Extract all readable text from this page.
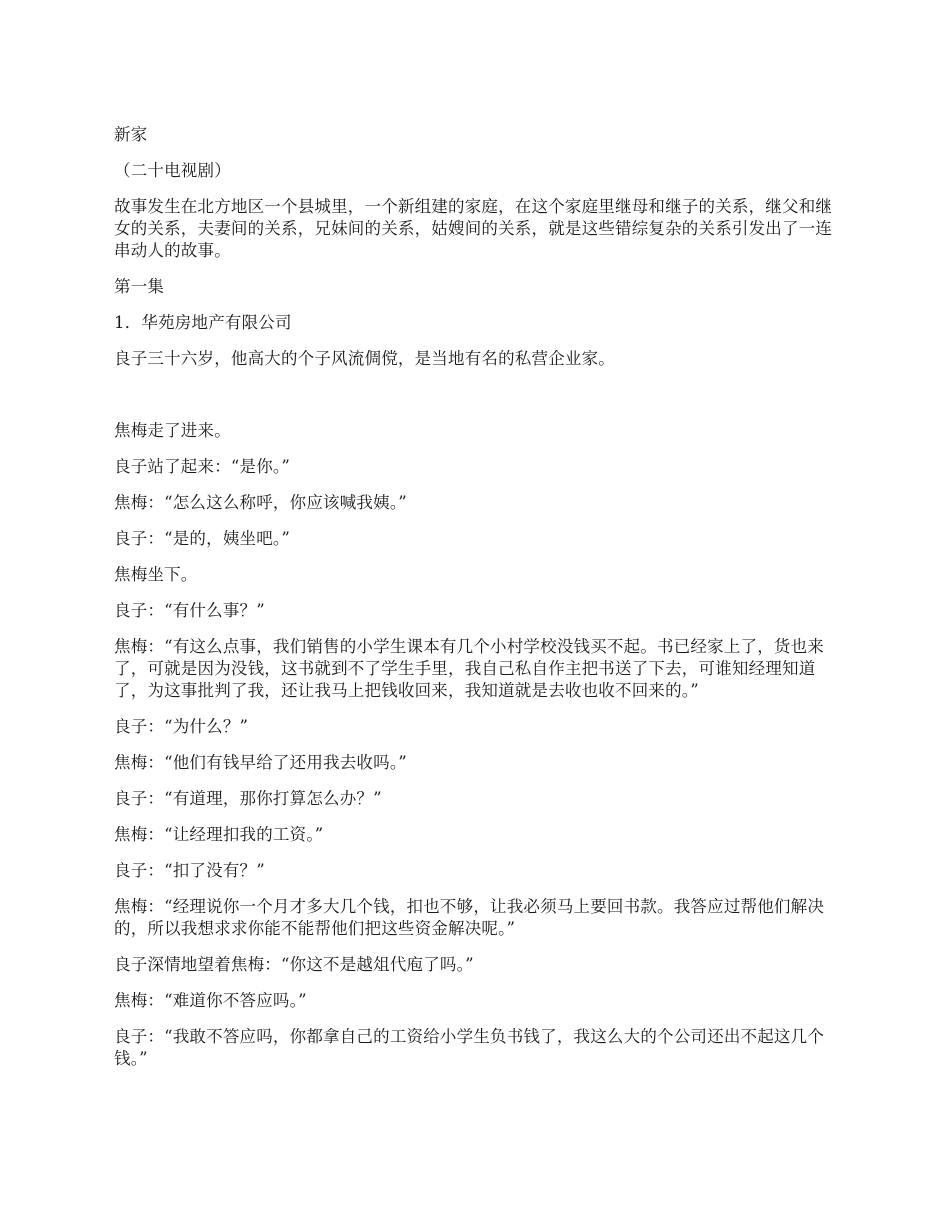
新家

（二十电视剧）

故事发生在北方地区一个县城里，一个新组建的家庭，在这个家庭里继母和继子的关系，继父和继女的关系，夫妻间的关系，兄妹间的关系，姑嫂间的关系，就是这些错综复杂的关系引发出了一连串动人的故事。

第一集

1．华苑房地产有限公司

良子三十六岁，他高大的个子风流倜傥，是当地有名的私营企业家。

焦梅走了进来。

良子站了起来：“是你。”

焦梅：“怎么这么称呼，你应该喊我姨。”

良子：“是的，姨坐吧。”

焦梅坐下。

良子：“有什么事？”

焦梅：“有这么点事，我们销售的小学生课本有几个小村学校没钱买不起。书已经家上了，货也来了，可就是因为没钱，这书就到不了学生手里，我自己私自作主把书送了下去，可谁知经理知道了，为这事批判了我，还让我马上把钱收回来，我知道就是去收也收不回来的。”

良子：“为什么？”

焦梅：“他们有钱早给了还用我去收吗。”

良子：“有道理，那你打算怎么办？”

焦梅：“让经理扣我的工资。”

良子：“扣了没有？”

焦梅：“经理说你一个月才多大几个钱，扣也不够，让我必须马上要回书款。我答应过帮他们解决的，所以我想求求你能不能帮他们把这些资金解决呢。”

良子深情地望着焦梅：“你这不是越俎代庖了吗。”

焦梅：“难道你不答应吗。”

良子：“我敢不答应吗，你都拿自己的工资给小学生负书钱了，我这么大的个公司还出不起这几个钱。”
